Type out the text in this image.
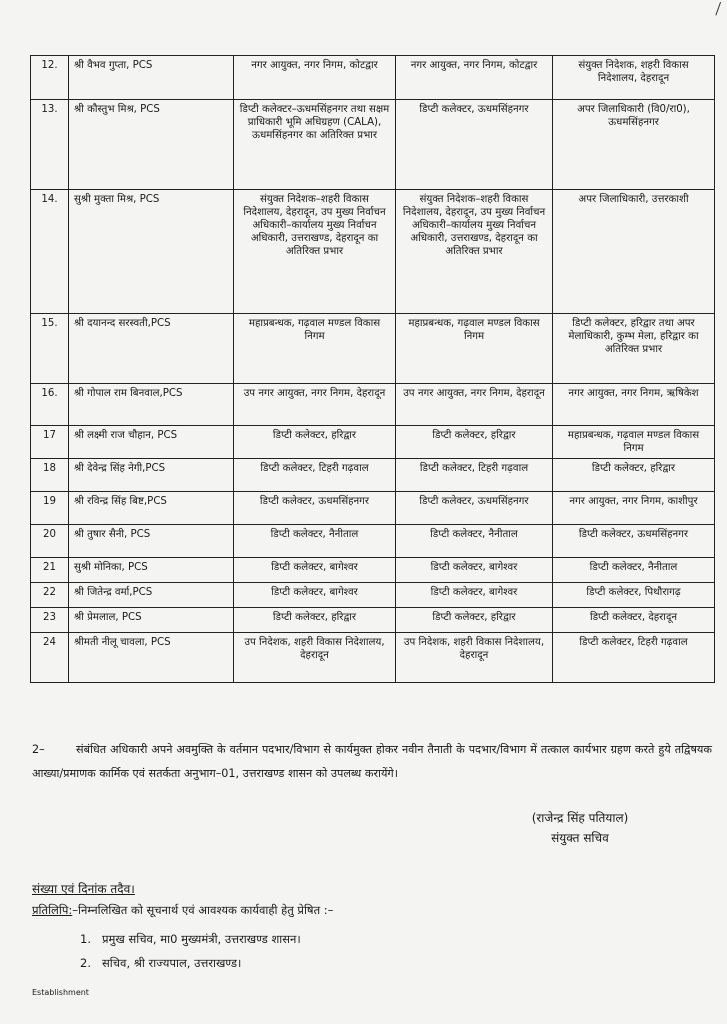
12.	श्री वैभव गुप्ता, PCS	नगर आयुक्त, नगर निगम, कोटद्वार	नगर आयुक्त, नगर निगम, कोटद्वार	संयुक्त निदेशक, शहरी विकास निदेशालय, देहरादून
13.	श्री कौस्तुभ मिश्र, PCS	डिप्टी कलेक्टर–ऊधमसिंहनगर तथा सक्षम प्राधिकारी भूमि अधिग्रहण (CALA), ऊधमसिंहनगर का अतिरिक्त प्रभार	डिप्टी कलेक्टर, ऊधमसिंहनगर	अपर जिलाधिकारी (वि0/रा0), ऊधमसिंहनगर
14.	सुश्री मुक्ता मिश्र, PCS	संयुक्त निदेशक–शहरी विकास निदेशालय, देहरादून, उप मुख्य निर्वाचन अधिकारी–कार्यालय मुख्य निर्वाचन अधिकारी, उत्तराखण्ड, देहरादून का अतिरिक्त प्रभार	संयुक्त निदेशक–शहरी विकास निदेशालय, देहरादून, उप मुख्य निर्वाचन अधिकारी–कार्यालय मुख्य निर्वाचन अधिकारी, उत्तराखण्ड, देहरादून का अतिरिक्त प्रभार	अपर जिलाधिकारी, उत्तरकाशी
15.	श्री दयानन्द सरस्वती,PCS	महाप्रबन्धक, गढ़वाल मण्डल विकास निगम	महाप्रबन्धक, गढ़वाल मण्डल विकास निगम	डिप्टी कलेक्टर, हरिद्वार तथा अपर मेलाधिकारी, कुम्भ मेला, हरिद्वार का अतिरिक्त प्रभार
16.	श्री गोपाल राम बिनवाल,PCS	उप नगर आयुक्त, नगर निगम, देहरादून	उप नगर आयुक्त, नगर निगम, देहरादून	नगर आयुक्त, नगर निगम, ऋषिकेश
17	श्री लक्ष्मी राज चौहान, PCS	डिप्टी कलेक्टर, हरिद्वार	डिप्टी कलेक्टर, हरिद्वार	महाप्रबन्धक, गढ़वाल मण्डल विकास निगम
18	श्री देवेन्द्र सिंह नेगी,PCS	डिप्टी कलेक्टर, टिहरी गढ़वाल	डिप्टी कलेक्टर, टिहरी गढ़वाल	डिप्टी कलेक्टर, हरिद्वार
19	श्री रविन्द्र सिंह बिष्ट,PCS	डिप्टी कलेक्टर, ऊधमसिंहनगर	डिप्टी कलेक्टर, ऊधमसिंहनगर	नगर आयुक्त, नगर निगम, काशीपुर
20	श्री तुषार सैनी, PCS	डिप्टी कलेक्टर, नैनीताल	डिप्टी कलेक्टर, नैनीताल	डिप्टी कलेक्टर, ऊधमसिंहनगर
21	सुश्री मोनिका, PCS	डिप्टी कलेक्टर, बागेश्वर	डिप्टी कलेक्टर, बागेश्वर	डिप्टी कलेक्टर, नैनीताल
22	श्री जितेन्द्र वर्मा,PCS	डिप्टी कलेक्टर, बागेश्वर	डिप्टी कलेक्टर, बागेश्वर	डिप्टी कलेक्टर, पिथौरागढ़
23	श्री प्रेमलाल, PCS	डिप्टी कलेक्टर, हरिद्वार	डिप्टी कलेक्टर, हरिद्वार	डिप्टी कलेक्टर, देहरादून
24	श्रीमती नीलू चावला, PCS	उप निदेशक, शहरी विकास निदेशालय, देहरादून	उप निदेशक, शहरी विकास निदेशालय, देहरादून	डिप्टी कलेक्टर, टिहरी गढ़वाल
2–	संबंधित अधिकारी अपने अवमुक्ति के वर्तमान पदभार/विभाग से कार्यमुक्त होकर नवीन तैनाती के पदभार/विभाग में तत्काल कार्यभार ग्रहण करते हुये तद्विषयक आख्या/प्रमाणक कार्मिक एवं सतर्कता अनुभाग–01, उत्तराखण्ड शासन को उपलब्ध करायेंगे।
(राजेन्द्र सिंह पतियाल)
संयुक्त सचिव
संख्या एवं दिनांक तदैव।
प्रतिलिपि:–निम्नलिखित को सूचनार्थ एवं आवश्यक कार्यवाही हेतु प्रेषित :–
1. प्रमुख सचिव, मा0 मुख्यमंत्री, उत्तराखण्ड शासन।
2. सचिव, श्री राज्यपाल, उत्तराखण्ड।
Establishment
